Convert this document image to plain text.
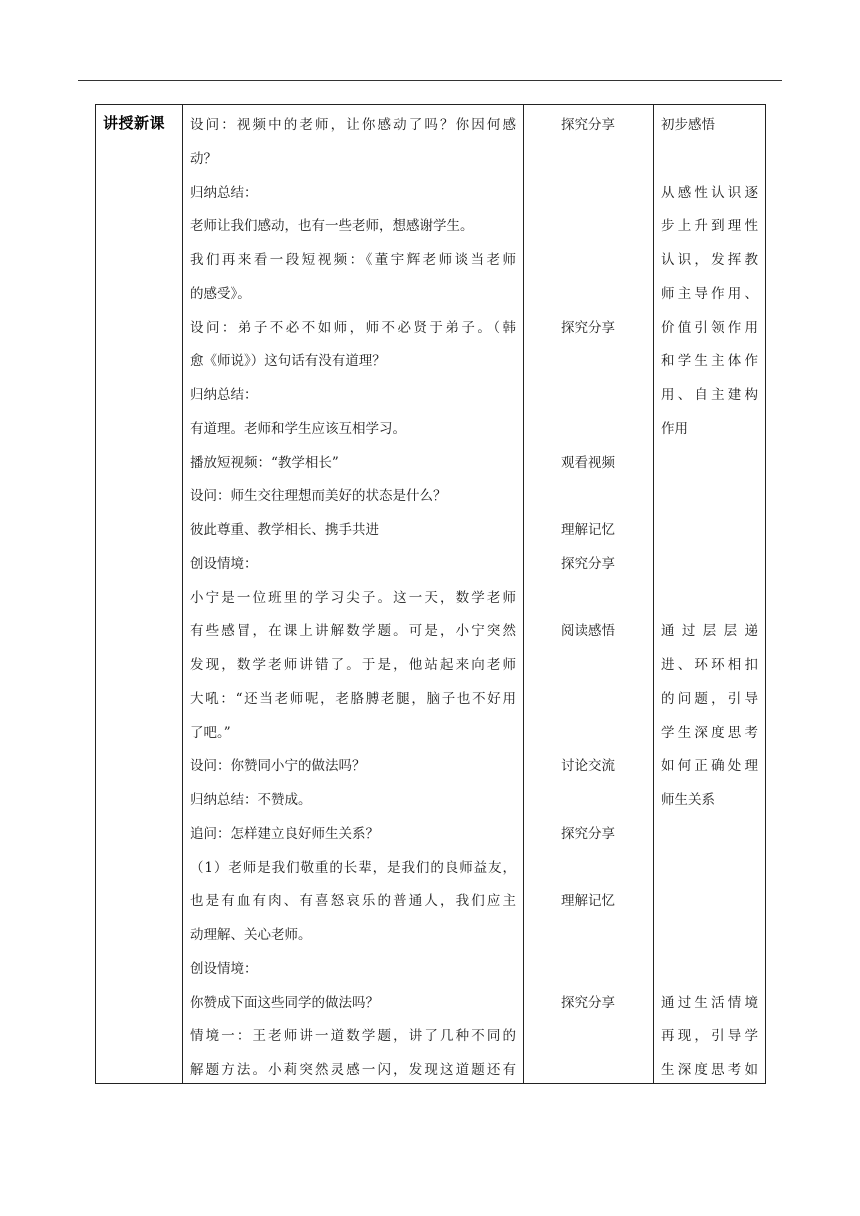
讲授新课 设问：视频中的老师，让你感动了吗？你因何感
动？
归纳总结：
老师让我们感动，也有一些老师，想感谢学生。
我们再来看一段短视频：《董宇辉老师谈当老师
的感受》。
设问：弟子不必不如师，师不必贤于弟子。（韩
愈《师说》）这句话有没有道理？
归纳总结：
有道理。老师和学生应该互相学习。
播放短视频：“教学相长”
设问：师生交往理想而美好的状态是什么？
彼此尊重、教学相长、携手共进
创设情境：
小宁是一位班里的学习尖子。这一天，数学老师
有些感冒，在课上讲解数学题。可是，小宁突然
发现，数学老师讲错了。于是，他站起来向老师
大吼：“还当老师呢，老胳膊老腿，脑子也不好用
了吧。”
设问：你赞同小宁的做法吗？
归纳总结：不赞成。
追问：怎样建立良好师生关系？
（1）老师是我们敬重的长辈，是我们的良师益友，
也是有血有肉、有喜怒哀乐的普通人，我们应主
动理解、关心老师。
创设情境：
你赞成下面这些同学的做法吗？
情境一：王老师讲一道数学题，讲了几种不同的
解题方法。小莉突然灵感一闪，发现这道题还有
探究分享
探究分享
观看视频
理解记忆
探究分享
阅读感悟
讨论交流
探究分享
理解记忆
探究分享
初步感悟
从感性认识逐
步上升到理性
认识，发挥教
师主导作用、
价值引领作用
和学生主体作
用、自主建构
作用
通过层层递
进、环环相扣
的问题，引导
学生深度思考
如何正确处理
师生关系
通过生活情境
再现，引导学
生深度思考如
